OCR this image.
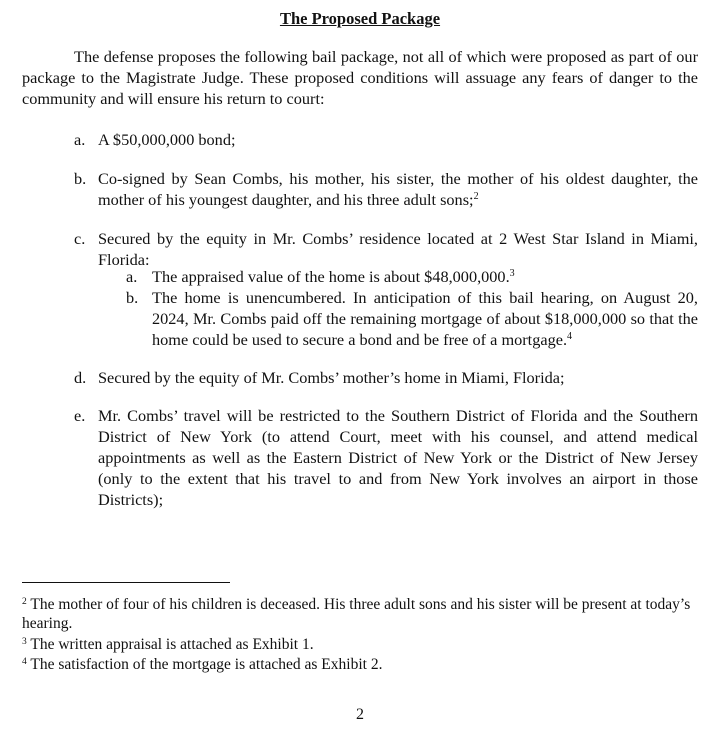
The Proposed Package
The defense proposes the following bail package, not all of which were proposed as part of our package to the Magistrate Judge. These proposed conditions will assuage any fears of danger to the community and will ensure his return to court:
a. A $50,000,000 bond;
b. Co-signed by Sean Combs, his mother, his sister, the mother of his oldest daughter, the mother of his youngest daughter, and his three adult sons;$^2$
c. Secured by the equity in Mr. Combs’ residence located at 2 West Star Island in Miami, Florida:
a. The appraised value of the home is about $48,000,000.$^3$
b. The home is unencumbered. In anticipation of this bail hearing, on August 20, 2024, Mr. Combs paid off the remaining mortgage of about $18,000,000 so that the home could be used to secure a bond and be free of a mortgage.$^4$
d. Secured by the equity of Mr. Combs’ mother’s home in Miami, Florida;
e. Mr. Combs’ travel will be restricted to the Southern District of Florida and the Southern District of New York (to attend Court, meet with his counsel, and attend medical appointments as well as the Eastern District of New York or the District of New Jersey (only to the extent that his travel to and from New York involves an airport in those Districts);
$^2$ The mother of four of his children is deceased. His three adult sons and his sister will be present at today’s hearing.
$^3$ The written appraisal is attached as Exhibit 1.
$^4$ The satisfaction of the mortgage is attached as Exhibit 2.
2
